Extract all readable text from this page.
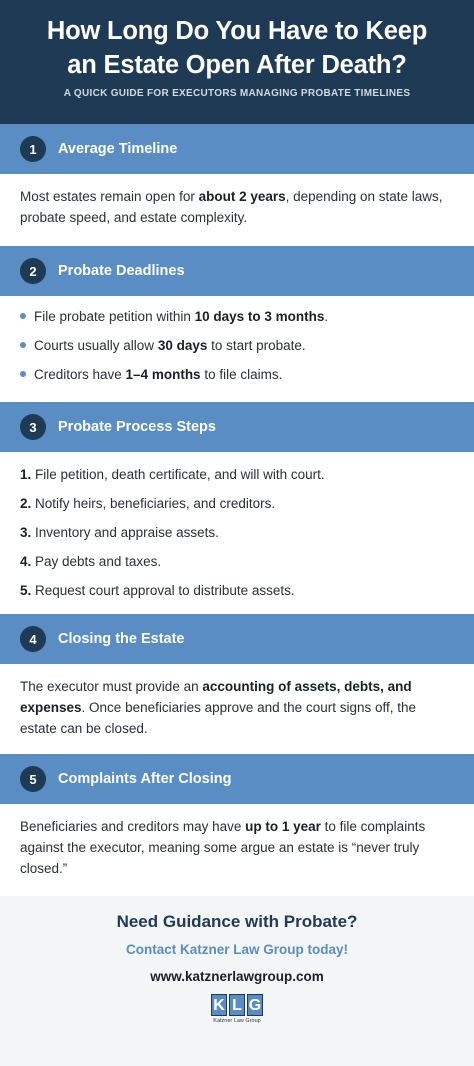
How Long Do You Have to Keep
an Estate Open After Death?
A QUICK GUIDE FOR EXECUTORS MANAGING PROBATE TIMELINES
1	Average Timeline

Most estates remain open for about 2 years, depending on state laws, probate speed, and estate complexity.

2	Probate Deadlines
File probate petition within 10 days to 3 months.
Courts usually allow 30 days to start probate.
Creditors have 1–4 months to file claims.
3	Probate Process Steps
1. File petition, death certificate, and will with court.
2. Notify heirs, beneficiaries, and creditors.
3. Inventory and appraise assets.
4. Pay debts and taxes.
5. Request court approval to distribute assets.
4	Closing the Estate

The executor must provide an accounting of assets, debts, and expenses. Once beneficiaries approve and the court signs off, the estate can be closed.

5	Complaints After Closing

Beneficiaries and creditors may have up to 1 year to file complaints against the executor, meaning some argue an estate is “never truly closed.”

Need Guidance with Probate?
Contact Katzner Law Group today!
www.katznerlawgroup.com
K L G
Katzner Law Group
